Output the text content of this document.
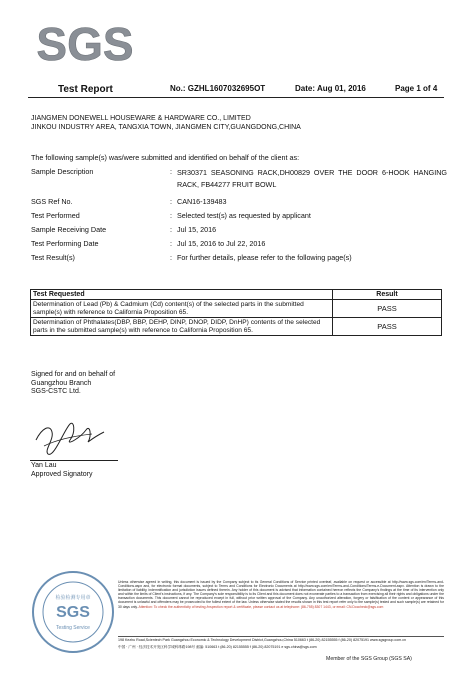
SGS
Test Report	No.: GZHL1607032695OT	Date: Aug 01, 2016	Page 1 of 4
JIANGMEN DONEWELL HOUSEWARE & HARDWARE CO., LIMITED
JINKOU INDUSTRY AREA, TANGXIA TOWN, JIANGMEN CITY,GUANGDONG,CHINA
The following sample(s) was/were submitted and identified on behalf of the client as:
Sample Description	: SR30371 SEASONING RACK,DH00829 OVER THE DOOR 6-HOOK HANGING RACK, FB44277 FRUIT BOWL
SGS Ref No.	: CAN16-139483
Test Performed	: Selected test(s) as requested by applicant
Sample Receiving Date	: Jul 15, 2016
Test Performing Date	: Jul 15, 2016 to Jul 22, 2016
Test Result(s)	: For further details, please refer to the following page(s)
Test Requested	Result
Determination of Lead (Pb) & Cadmium (Cd) content(s) of the selected parts in the submitted sample(s) with reference to California Proposition 65.	PASS
Determination of Phthalates(DBP, BBP, DEHP, DINP, DNOP, DIDP, DnHP) contents of the selected parts in the submitted sample(s) with reference to California Proposition 65.	PASS
Signed for and on behalf of
Guangzhou Branch
SGS-CSTC Ltd.
Yan Lau
Approved Signatory
SGS
Testing Service
检验检测专用章
Unless otherwise agreed in writing, this document is issued by the Company subject to its General Conditions of Service printed overleaf, available on request or accessible at http://www.sgs.com/en/Terms-and-Conditions.aspx and, for electronic format documents, subject to Terms and Conditions for Electronic Documents at http://www.sgs.com/en/Terms-and-Conditions/Terms-e-Document.aspx. Attention is drawn to the limitation of liability, indemnification and jurisdiction issues defined therein. Any holder of this document is advised that information contained hereon reflects the Company's findings at the time of its intervention only and within the limits of Client's instructions, if any. The Company's sole responsibility is to its Client and this document does not exonerate parties to a transaction from exercising all their rights and obligations under the transaction documents. This document cannot be reproduced except in full, without prior written approval of the Company. Any unauthorized alteration, forgery or falsification of the content or appearance of this document is unlawful and offenders may be prosecuted to the fullest extent of the law. Unless otherwise stated the results shown in this test report refer only to the sample(s) tested and such sample(s) are retained for 30 days only. Attention: To check the authenticity of testing /inspection report & certificate, please contact us at telephone: (86-755) 8307 1443, or email: CN.Doccheck@sgs.com
198 Kezhu Road,Scientech Park Guangzhou Economic & Technology Development District,Guangzhou,China 510663 t (86-20) 82155555 f (86-20) 82075191 www.sgsgroup.com.cn
中国 · 广州 · 经济技术开发区科学城科珠路198号 邮编: 510663 t (86-20) 82155555 f (86-20) 82075191 e sgs.china@sgs.com
Member of the SGS Group (SGS SA)
